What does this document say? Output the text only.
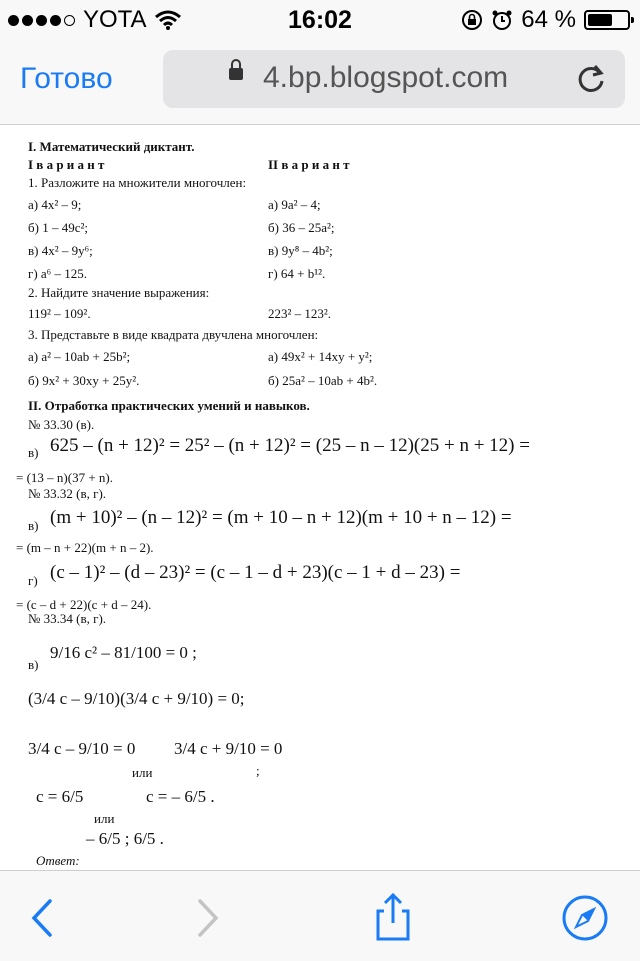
YOTA	16:02	64 %
Готово	4.bp.blogspot.com
I. Математический диктант.
I в а р и а н т	II в а р и а н т
1. Разложите на множители многочлен:
а) 4x² – 9;	а) 9a² – 4;
б) 1 – 49c²;	б) 36 – 25a²;
в) 4x² – 9y⁶;	в) 9y⁸ – 4b²;
г) a⁶ – 125.	г) 64 + b¹².
2. Найдите значение выражения:
119² – 109².	223² – 123².
3. Представьте в виде квадрата двучлена многочлен:
а) a² – 10ab + 25b²;	а) 49x² + 14xy + y²;
б) 9x² + 30xy + 25y².	б) 25a² – 10ab + 4b².
II. Отработка практических умений и навыков.
№ 33.30 (в).
в) 625 – (n + 12)² = 25² – (n + 12)² = (25 – n – 12)(25 + n + 12) =
= (13 – n)(37 + n).
№ 33.32 (в, г).
в) (m + 10)² – (n – 12)² = (m + 10 – n + 12)(m + 10 + n – 12) =
= (m – n + 22)(m + n – 2).
г) (c – 1)² – (d – 23)² = (c – 1 – d + 23)(c – 1 + d – 23) =
= (c – d + 22)(c + d – 24).
№ 33.34 (в, г).
в)
9/16 c² – 81/100 = 0 ;
(3/4 c – 9/10)(3/4 c + 9/10) = 0;
3/4 c – 9/10 = 0
или
3/4 c + 9/10 = 0
;
c = 6/5
или
c = – 6/5 .
– 6/5 ; 6/5 .
Ответ:
